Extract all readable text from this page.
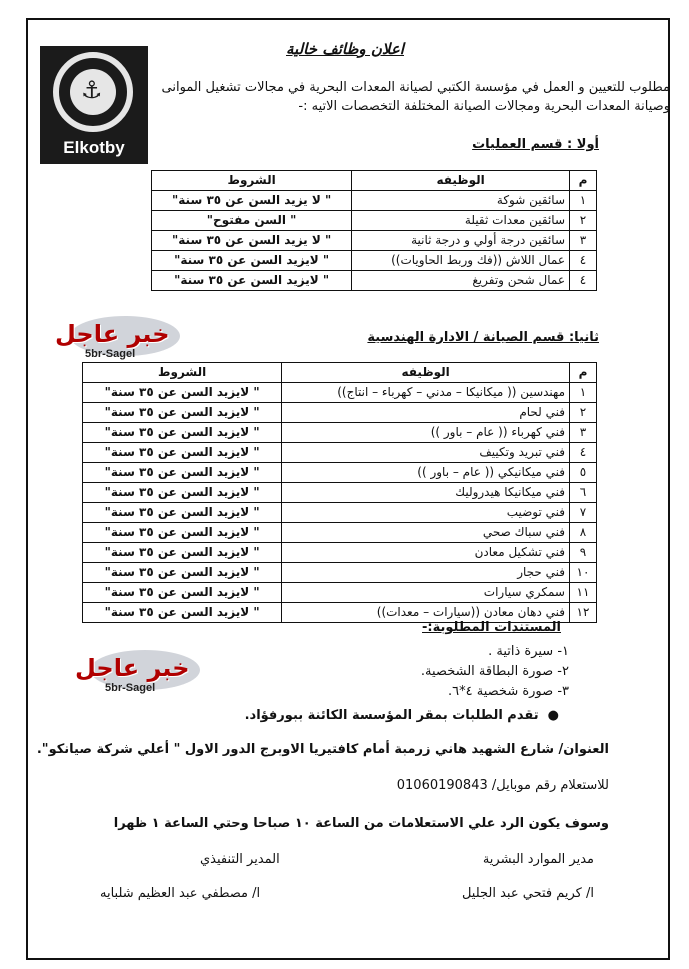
⚓
Elkotby
اعلان وظائف خالية
مطلوب للتعيين و العمل في مؤسسة الكتبي لصيانة المعدات البحرية في مجالات تشغيل الموانى وصيانة المعدات البحرية ومجالات الصيانة المختلفة التخصصات الاتيه :-
أولا : قسم العمليات
م	الوظيفه	الشروط
١	سائقين شوكة	" لا يزيد السن عن ٣٥ سنة"
٢	سائقين معدات ثقيلة	" السن مفتوح"
٣	سائقين درجة أولي و درجة ثانية	" لا يزيد السن عن ٣٥ سنة"
٤	عمال اللاش ((فك وربط الحاويات))	" لايزيد السن عن ٣٥ سنة"
٤	عمال شحن وتفريغ	" لايزيد السن عن ٣٥ سنة"
خبر عاجل
5br-Sagel
ثانيا: قسم الصيانة / الادارة الهندسية
م	الوظيفه	الشروط
١	مهندسين (( ميكانيكا – مدني – كهرباء – انتاج))	" لايزيد السن عن ٣٥ سنة"
٢	فني لحام	" لايزيد السن عن ٣٥ سنة"
٣	فني كهرباء (( عام – باور ))	" لايزيد السن عن ٣٥ سنة"
٤	فني تبريد وتكييف	" لايزيد السن عن ٣٥ سنة"
٥	فني ميكانيكي (( عام – باور ))	" لايزيد السن عن ٣٥ سنة"
٦	فني ميكانيكا هيدروليك	" لايزيد السن عن ٣٥ سنة"
٧	فني توضيب	" لايزيد السن عن ٣٥ سنة"
٨	فني سباك صحي	" لايزيد السن عن ٣٥ سنة"
٩	فني تشكيل معادن	" لايزيد السن عن ٣٥ سنة"
١٠	فني حجار	" لايزيد السن عن ٣٥ سنة"
١١	سمكري سيارات	" لايزيد السن عن ٣٥ سنة"
١٢	فني دهان معادن ((سيارات – معدات))	" لايزيد السن عن ٣٥ سنة"
المستندات المطلوبة:-
١- سيرة ذاتية .
٢- صورة البطاقة الشخصية.
٣- صورة شخصية ٤*٦.
●  تقدم الطلبات بمقر المؤسسة الكائنة ببورفؤاد.
خبر عاجل
5br-Sagel
العنوان/ شارع الشهيد هاني زرمبة أمام كافتيريا الاوبرج الدور الاول " أعلي شركة صيانكو".
للاستعلام رقم موبايل/ 01060190843
وسوف يكون الرد علي الاستعلامات من الساعة ١٠ صباحا وحتي الساعة ١ ظهرا
مدير الموارد البشرية
المدير التنفيذي
ا/ كريم فتحي عبد الجليل
ا/ مصطفي عبد العظيم شلبايه
